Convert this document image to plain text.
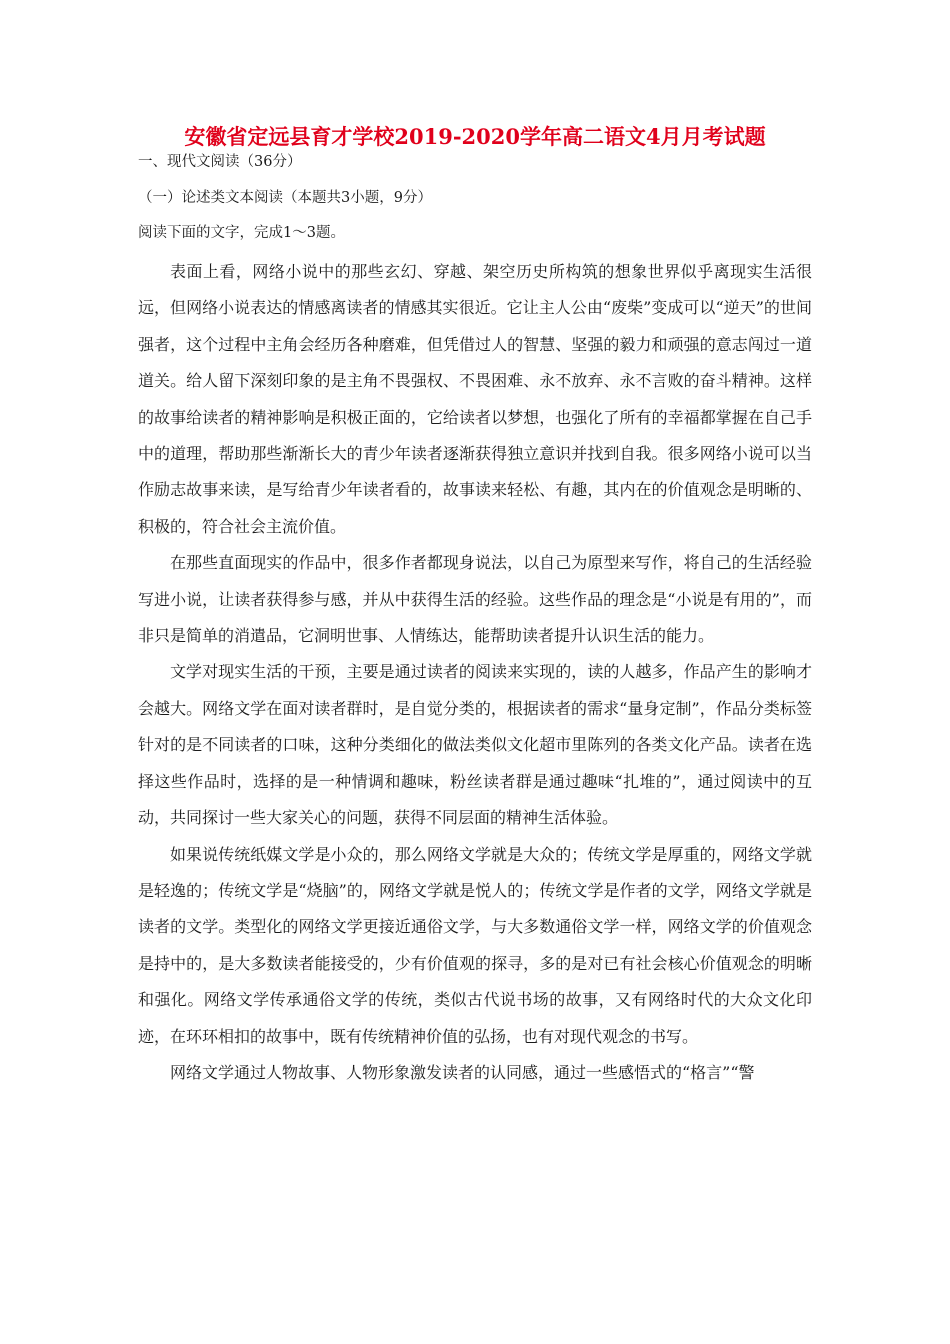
安徽省定远县育才学校2019-2020学年高二语文4月月考试题
一、现代文阅读（36分）
（一）论述类文本阅读（本题共3小题，9分）
阅读下面的文字，完成1～3题。

表面上看，网络小说中的那些玄幻、穿越、架空历史所构筑的想象世界似乎离现实生活很远，但网络小说表达的情感离读者的情感其实很近。它让主人公由“废柴”变成可以“逆天”的世间强者，这个过程中主角会经历各种磨难，但凭借过人的智慧、坚强的毅力和顽强的意志闯过一道道关。给人留下深刻印象的是主角不畏强权、不畏困难、永不放弃、永不言败的奋斗精神。这样的故事给读者的精神影响是积极正面的，它给读者以梦想，也强化了所有的幸福都掌握在自己手中的道理，帮助那些渐渐长大的青少年读者逐渐获得独立意识并找到自我。很多网络小说可以当作励志故事来读，是写给青少年读者看的，故事读来轻松、有趣，其内在的价值观念是明晰的、积极的，符合社会主流价值。

在那些直面现实的作品中，很多作者都现身说法，以自己为原型来写作，将自己的生活经验写进小说，让读者获得参与感，并从中获得生活的经验。这些作品的理念是“小说是有用的”，而非只是简单的消遣品，它洞明世事、人情练达，能帮助读者提升认识生活的能力。

文学对现实生活的干预，主要是通过读者的阅读来实现的，读的人越多，作品产生的影响才会越大。网络文学在面对读者群时，是自觉分类的，根据读者的需求“量身定制”，作品分类标签针对的是不同读者的口味，这种分类细化的做法类似文化超市里陈列的各类文化产品。读者在选择这些作品时，选择的是一种情调和趣味，粉丝读者群是通过趣味“扎堆的”，通过阅读中的互动，共同探讨一些大家关心的问题，获得不同层面的精神生活体验。

如果说传统纸媒文学是小众的，那么网络文学就是大众的；传统文学是厚重的，网络文学就是轻逸的；传统文学是“烧脑”的，网络文学就是悦人的；传统文学是作者的文学，网络文学就是读者的文学。类型化的网络文学更接近通俗文学，与大多数通俗文学一样，网络文学的价值观念是持中的，是大多数读者能接受的，少有价值观的探寻，多的是对已有社会核心价值观念的明晰和强化。网络文学传承通俗文学的传统，类似古代说书场的故事，又有网络时代的大众文化印迹，在环环相扣的故事中，既有传统精神价值的弘扬，也有对现代观念的书写。

网络文学通过人物故事、人物形象激发读者的认同感，通过一些感悟式的“格言”“警
